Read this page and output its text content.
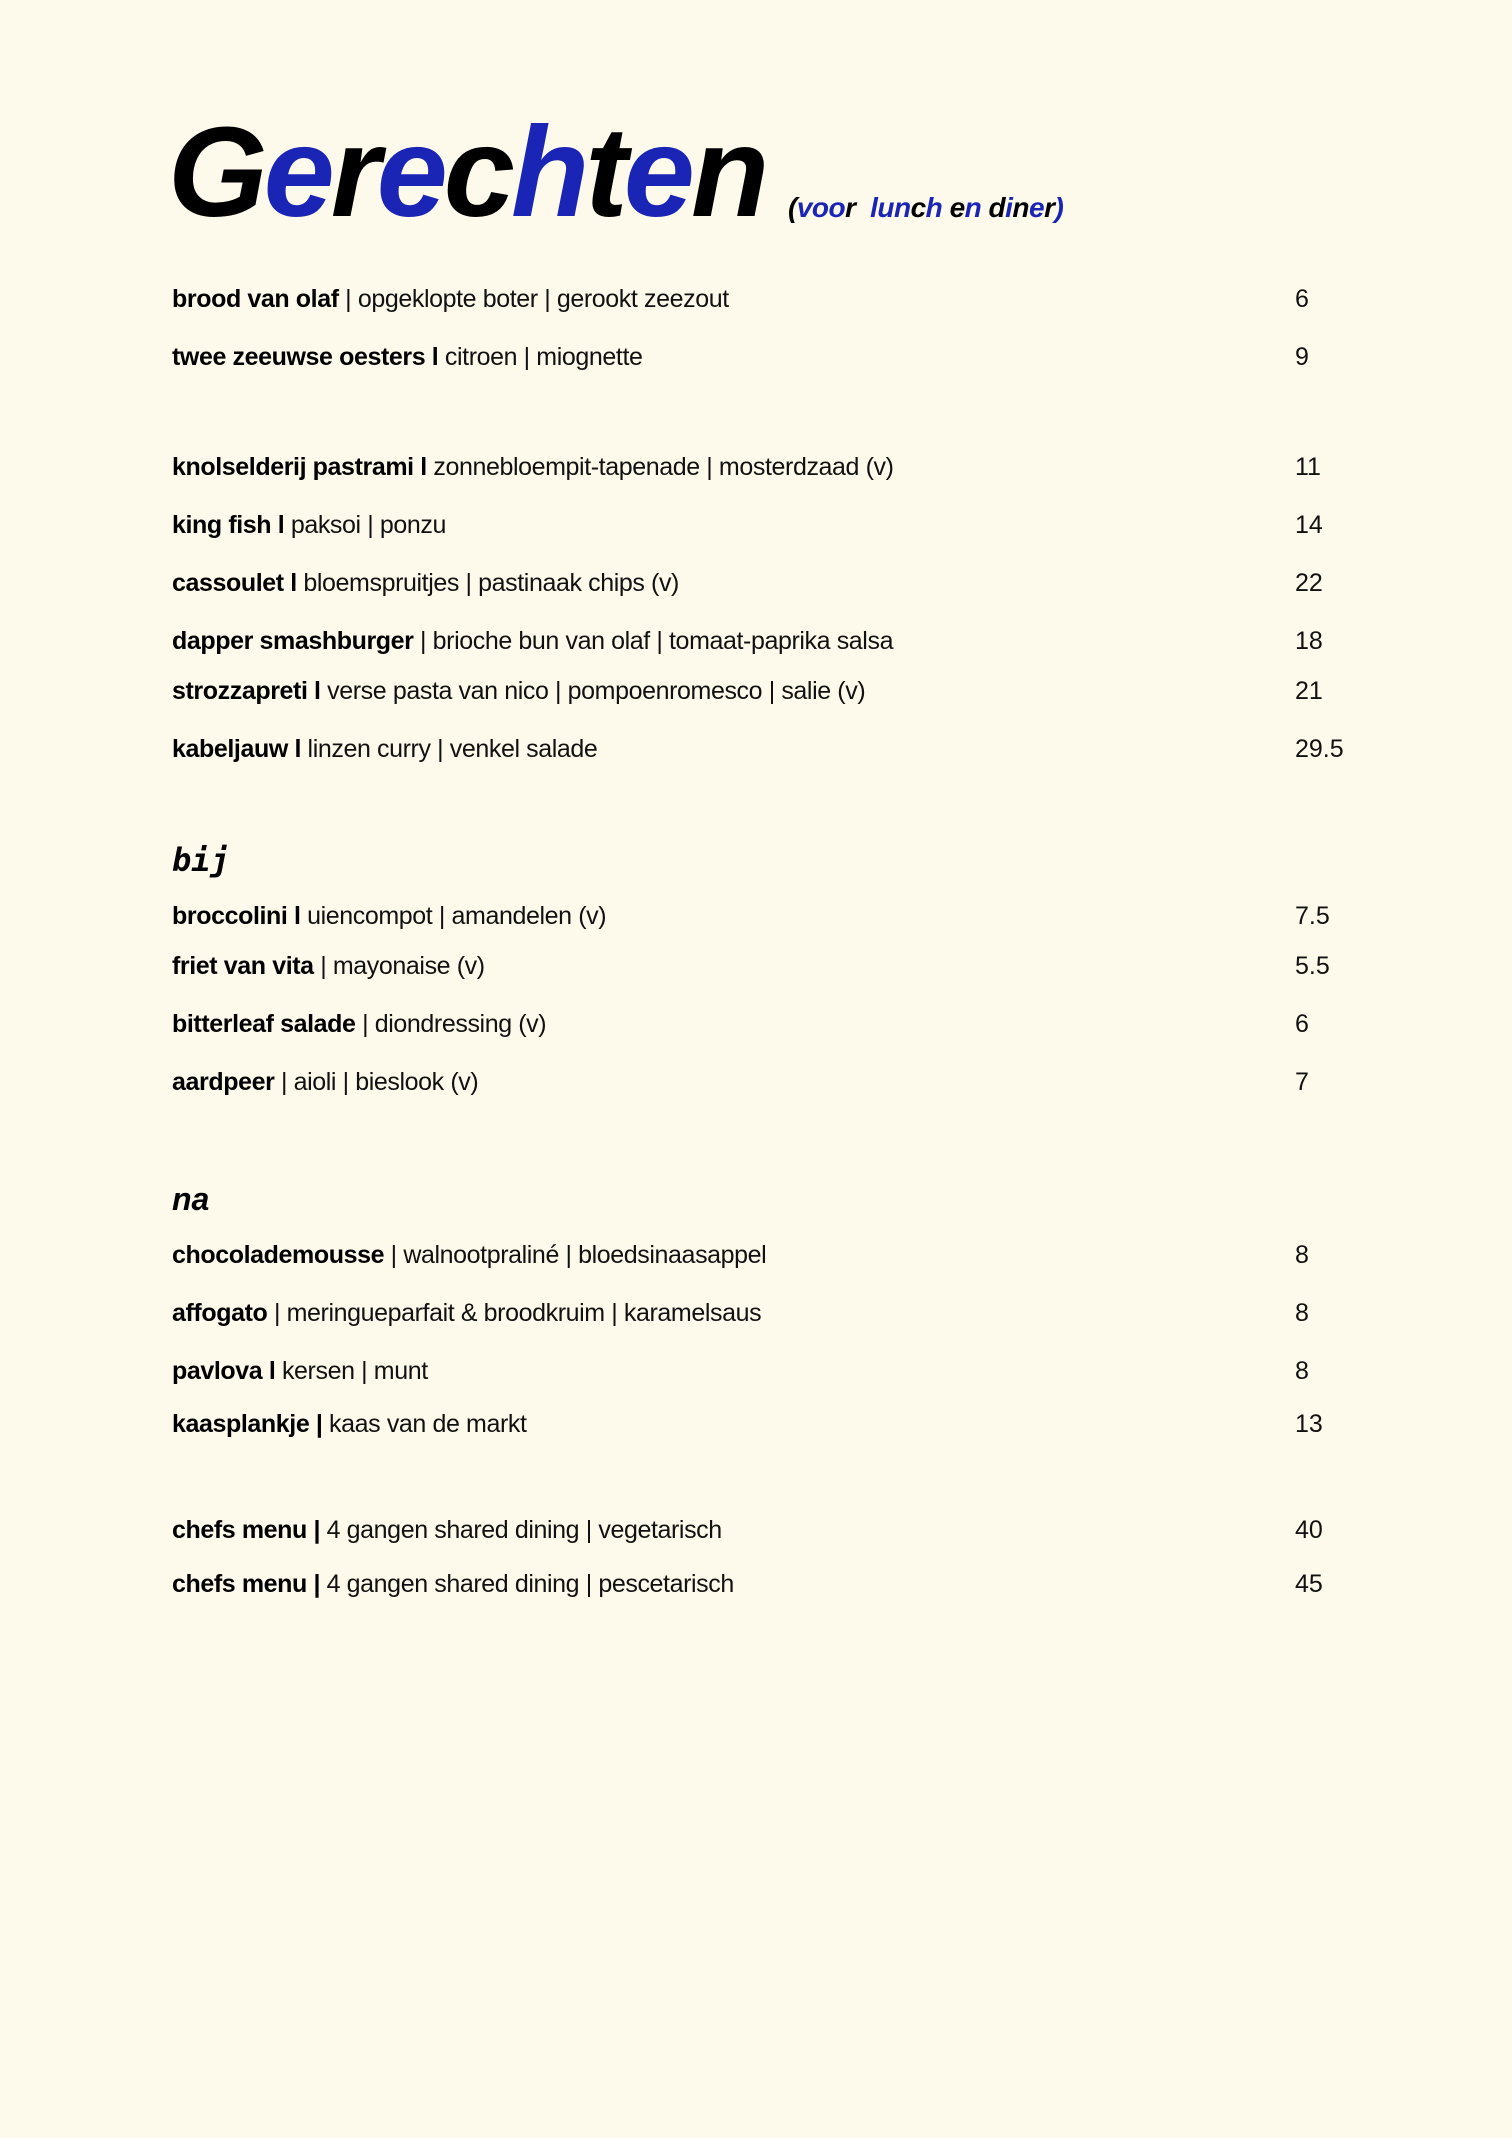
Gerechten (voor lunch en diner)
brood van olaf | opgeklopte boter | gerookt zeezout	6
twee zeeuwse oesters l citroen | miognette	9
knolselderij pastrami l zonnebloempit-tapenade | mosterdzaad (v)	11
king fish l paksoi | ponzu	14
cassoulet l bloemspruitjes | pastinaak chips (v)	22
dapper smashburger | brioche bun van olaf | tomaat-paprika salsa	18
strozzapreti l verse pasta van nico | pompoenromesco | salie (v)	21
kabeljauw l linzen curry | venkel salade	29.5
bij
broccolini l uiencompot | amandelen (v)	7.5
friet van vita | mayonaise (v)	5.5
bitterleaf salade | diondressing (v)	6
aardpeer | aioli | bieslook (v)	7
na
chocolademousse | walnootpraliné | bloedsinaasappel	8
affogato | meringueparfait & broodkruim | karamelsaus	8
pavlova l kersen | munt	8
kaasplankje | kaas van de markt	13
chefs menu | 4 gangen shared dining | vegetarisch	40
chefs menu | 4 gangen shared dining | pescetarisch	45
